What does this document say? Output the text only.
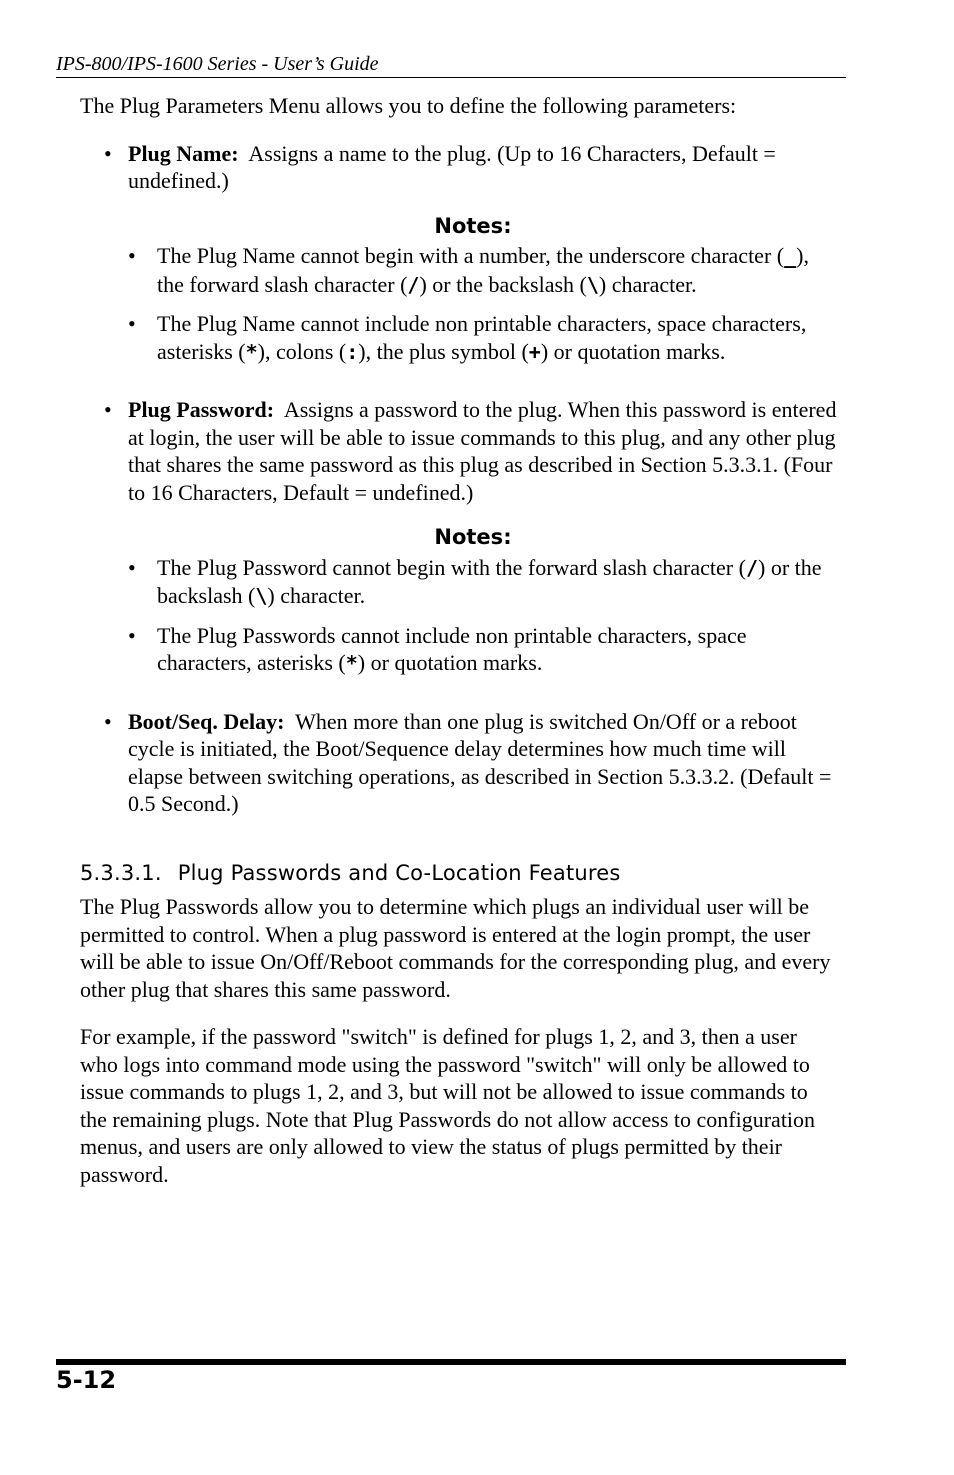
IPS-800/IPS-1600 Series - User’s Guide

The Plug Parameters Menu allows you to define the following parameters:

• Plug Name: Assigns a name to the plug. (Up to 16 Characters, Default = undefined.)
Notes:
• The Plug Name cannot begin with a number, the underscore character (_), the forward slash character (/) or the backslash (\) character.
• The Plug Name cannot include non printable characters, space characters, asterisks (*), colons (:), the plus symbol (+) or quotation marks.
• Plug Password: Assigns a password to the plug. When this password is entered at login, the user will be able to issue commands to this plug, and any other plug that shares the same password as this plug as described in Section 5.3.3.1. (Four to 16 Characters, Default = undefined.)
Notes:
• The Plug Password cannot begin with the forward slash character (/) or the backslash (\) character.
• The Plug Passwords cannot include non printable characters, space characters, asterisks (*) or quotation marks.
• Boot/Seq. Delay: When more than one plug is switched On/Off or a reboot cycle is initiated, the Boot/Sequence delay determines how much time will elapse between switching operations, as described in Section 5.3.3.2. (Default = 0.5 Second.)
5.3.3.1. Plug Passwords and Co-Location Features

The Plug Passwords allow you to determine which plugs an individual user will be permitted to control. When a plug password is entered at the login prompt, the user will be able to issue On/Off/Reboot commands for the corresponding plug, and every other plug that shares this same password.

For example, if the password "switch" is defined for plugs 1, 2, and 3, then a user who logs into command mode using the password "switch" will only be allowed to issue commands to plugs 1, 2, and 3, but will not be allowed to issue commands to the remaining plugs. Note that Plug Passwords do not allow access to configuration menus, and users are only allowed to view the status of plugs permitted by their password.

5-12
